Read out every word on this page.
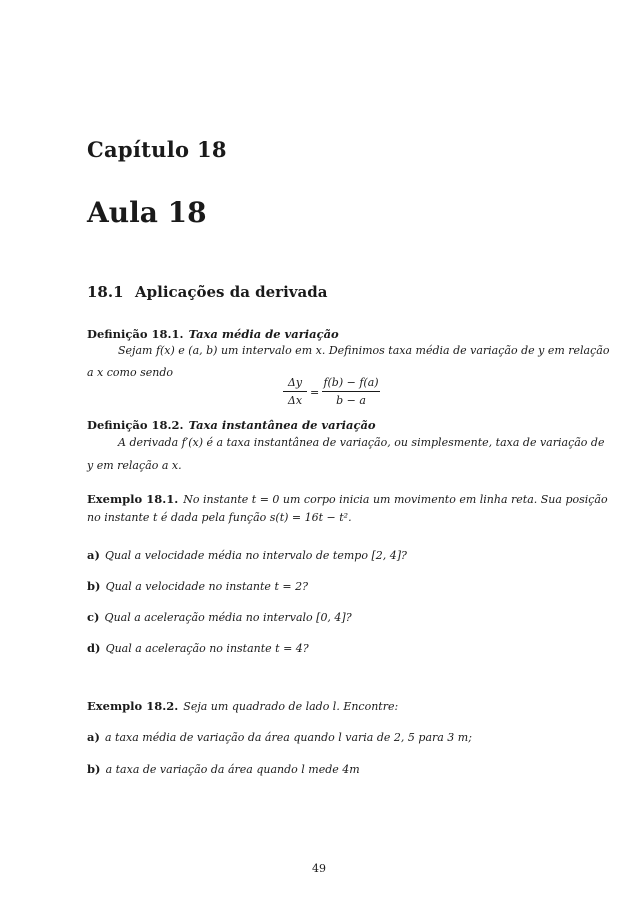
Capítulo 18
Aula 18
18.1 Aplicações da derivada
Definição 18.1. Taxa média de variação
Sejam f(x) e (a, b) um intervalo em x. Definimos taxa média de variação de y em relação
a x como sendo
Δy
Δx
=
f(b) − f(a)
b − a
Definição 18.2. Taxa instantânea de variação
A derivada f′(x) é a taxa instantânea de variação, ou simplesmente, taxa de variação de
y em relação a x.
Exemplo 18.1. No instante t = 0 um corpo inicia um movimento em linha reta. Sua posição
no instante t é dada pela função s(t) = 16t − t².
a) Qual a velocidade média no intervalo de tempo [2, 4]?
b) Qual a velocidade no instante t = 2?
c) Qual a aceleração média no intervalo [0, 4]?
d) Qual a aceleração no instante t = 4?
Exemplo 18.2. Seja um quadrado de lado l. Encontre:
a) a taxa média de variação da área quando l varia de 2, 5 para 3 m;
b) a taxa de variação da área quando l mede 4m
49
